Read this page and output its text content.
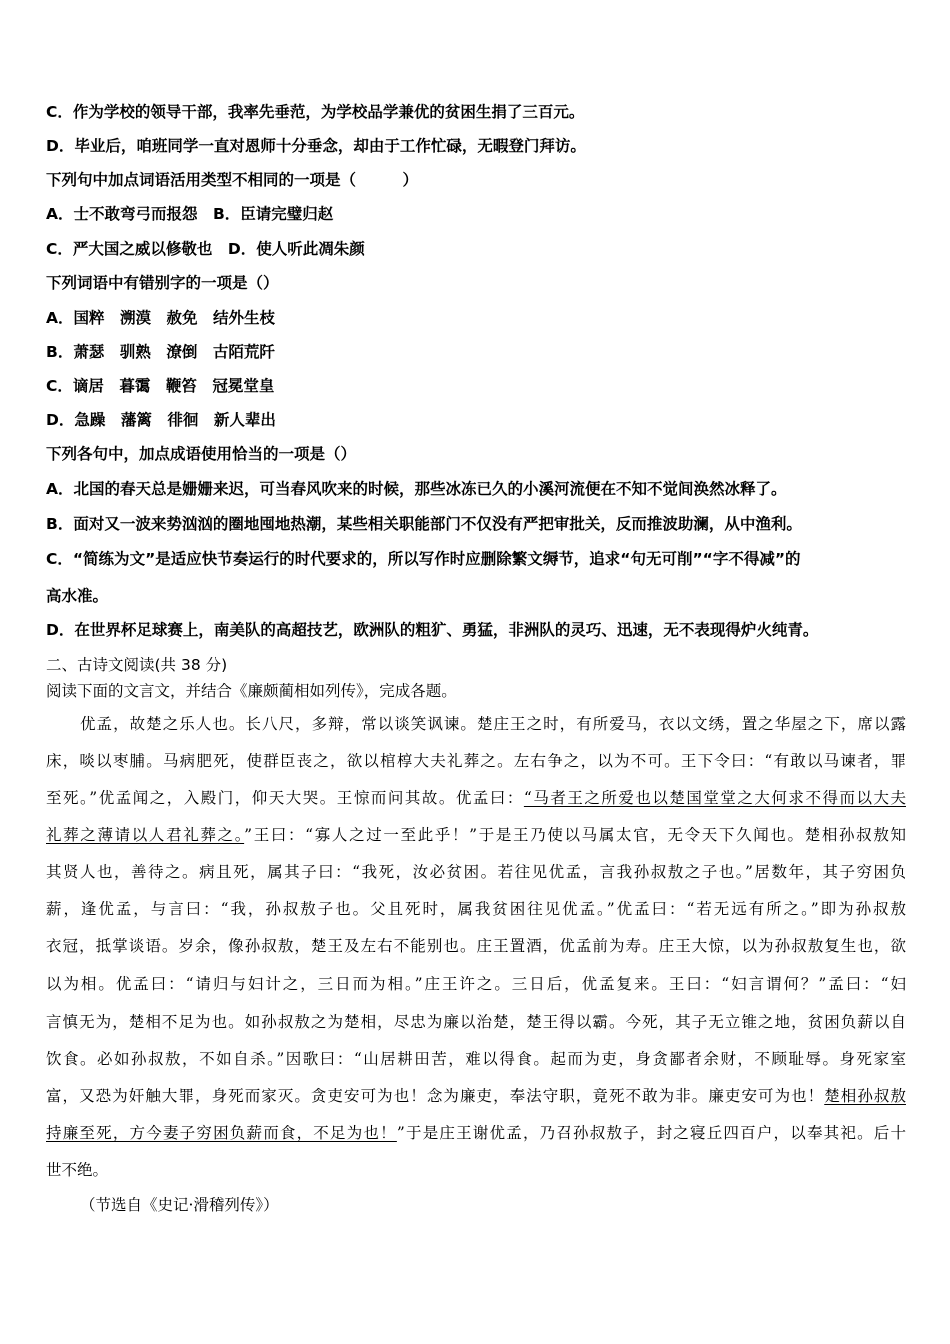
C．作为学校的领导干部，我率先垂范，为学校品学兼优的贫困生捐了三百元。
D．毕业后，咱班同学一直对恩师十分垂念，却由于工作忙碌，无暇登门拜访。
下列句中加点词语活用类型不相同的一项是（　　　）
A．士不敢弯弓而报怨　B．臣请完璧归赵
C．严大国之威以修敬也　D．使人听此凋朱颜
下列词语中有错别字的一项是（）
A．国粹　溯漠　赦免　结外生枝
B．萧瑟　驯熟　潦倒　古陌荒阡
C．谪居　暮霭　鞭笞　冠冕堂皇
D．急躁　藩篱　徘徊　新人辈出
下列各句中，加点成语使用恰当的一项是（）
A．北国的春天总是姗姗来迟，可当春风吹来的时候，那些冰冻已久的小溪河流便在不知不觉间涣然冰释了。
B．面对又一波来势汹汹的圈地囤地热潮，某些相关职能部门不仅没有严把审批关，反而推波助澜，从中渔利。
C．“简练为文”是适应快节奏运行的时代要求的，所以写作时应删除繁文缛节，追求“句无可削”“字不得减”的
高水准。
D．在世界杯足球赛上，南美队的高超技艺，欧洲队的粗犷、勇猛，非洲队的灵巧、迅速，无不表现得炉火纯青。
二、古诗文阅读(共 38 分)
阅读下面的文言文，并结合《廉颇蔺相如列传》，完成各题。
优孟，故楚之乐人也。长八尺，多辩，常以谈笑讽谏。楚庄王之时，有所爱马，衣以文绣，置之华屋之下，席以露
床，啖以枣脯。马病肥死，使群臣丧之，欲以棺椁大夫礼葬之。左右争之，以为不可。王下令曰：“有敢以马谏者，罪
至死。”优孟闻之，入殿门，仰天大哭。王惊而问其故。优孟曰：“马者王之所爱也以楚国堂堂之大何求不得而以大夫
礼葬之薄请以人君礼葬之。”王曰：“寡人之过一至此乎！”于是王乃使以马属太官，无令天下久闻也。楚相孙叔敖知
其贤人也，善待之。病且死，属其子曰：“我死，汝必贫困。若往见优孟，言我孙叔敖之子也。”居数年，其子穷困负
薪，逢优孟，与言曰：“我，孙叔敖子也。父且死时，属我贫困往见优孟。”优孟曰：“若无远有所之。”即为孙叔敖
衣冠，抵掌谈语。岁余，像孙叔敖，楚王及左右不能别也。庄王置酒，优孟前为寿。庄王大惊，以为孙叔敖复生也，欲
以为相。优孟曰：“请归与妇计之，三日而为相。”庄王许之。三日后，优孟复来。王曰：“妇言谓何？”孟曰：“妇
言慎无为，楚相不足为也。如孙叔敖之为楚相，尽忠为廉以治楚，楚王得以霸。今死，其子无立锥之地，贫困负薪以自
饮食。必如孙叔敖，不如自杀。”因歌曰：“山居耕田苦，难以得食。起而为吏，身贪鄙者余财，不顾耻辱。身死家室
富，又恐为奸触大罪，身死而家灭。贪吏安可为也！念为廉吏，奉法守职，竟死不敢为非。廉吏安可为也！楚相孙叔敖
持廉至死，方今妻子穷困负薪而食，不足为也！”于是庄王谢优孟，乃召孙叔敖子，封之寝丘四百户，以奉其祀。后十
世不绝。
（节选自《史记·滑稽列传》）
